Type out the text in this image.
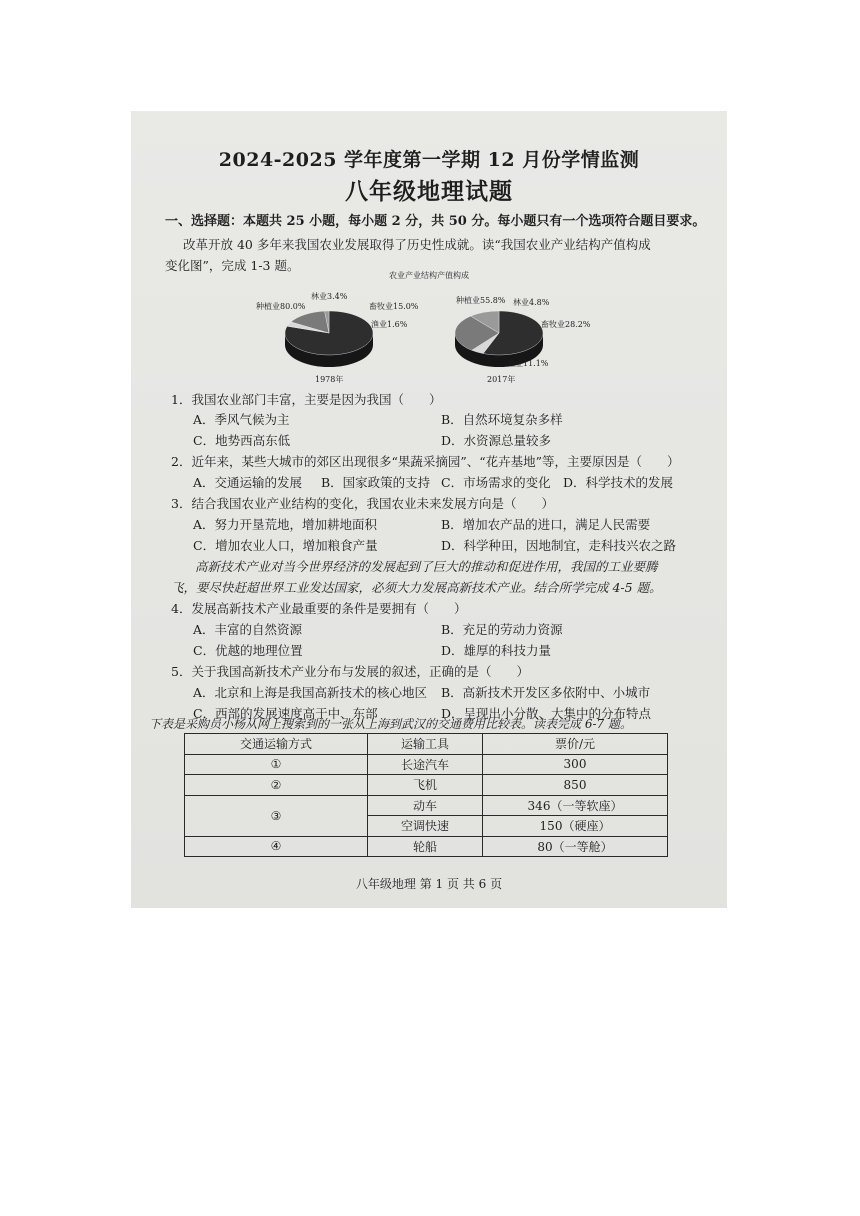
2024-2025 学年度第一学期 12 月份学情监测
八年级地理试题
一、选择题：本题共 25 小题，每小题 2 分，共 50 分。每小题只有一个选项符合题目要求。
改革开放 40 多年来我国农业发展取得了历史性成就。读“我国农业产业结构产值构成
变化图”，完成 1-3 题。
农业产业结构产值构成
种植业80.0%
林业3.4%
畜牧业15.0%
渔业1.6%
1978年
种植业55.8% 林业4.8%
畜牧业28.2%
渔业11.1%
2017年
1．我国农业部门丰富，主要是因为我国（　　）
A．季风气候为主	B．自然环境复杂多样
C．地势西高东低	D．水资源总量较多
2．近年来，某些大城市的郊区出现很多“果蔬采摘园”、“花卉基地”等，主要原因是（　　）
A．交通运输的发展 B．国家政策的支持 C．市场需求的变化 D．科学技术的发展
3．结合我国农业产业结构的变化，我国农业未来发展方向是（　　）
A．努力开垦荒地，增加耕地面积	B．增加农产品的进口，满足人民需要
C．增加农业人口，增加粮食产量	D．科学种田，因地制宜，走科技兴农之路
高新技术产业对当今世界经济的发展起到了巨大的推动和促进作用，我国的工业要腾
飞，要尽快赶超世界工业发达国家，必须大力发展高新技术产业。结合所学完成 4-5 题。
4．发展高新技术产业最重要的条件是要拥有（　　）
A．丰富的自然资源	B．充足的劳动力资源
C．优越的地理位置	D．雄厚的科技力量
5．关于我国高新技术产业分布与发展的叙述，正确的是（　　）
A．北京和上海是我国高新技术的核心地区 B．高新技术开发区多依附中、小城市
C．西部的发展速度高于中、东部	D．呈现出小分散、大集中的分布特点
下表是采购员小杨从网上搜索到的一张从上海到武汉的交通费用比较表。读表完成 6-7 题。
交通运输方式	运输工具	票价/元
①	长途汽车	300
②	飞机	850
③	动车	346（一等软座）
	空调快速	150（硬座）
④	轮船	80（一等舱）
八年级地理 第 1 页 共 6 页
